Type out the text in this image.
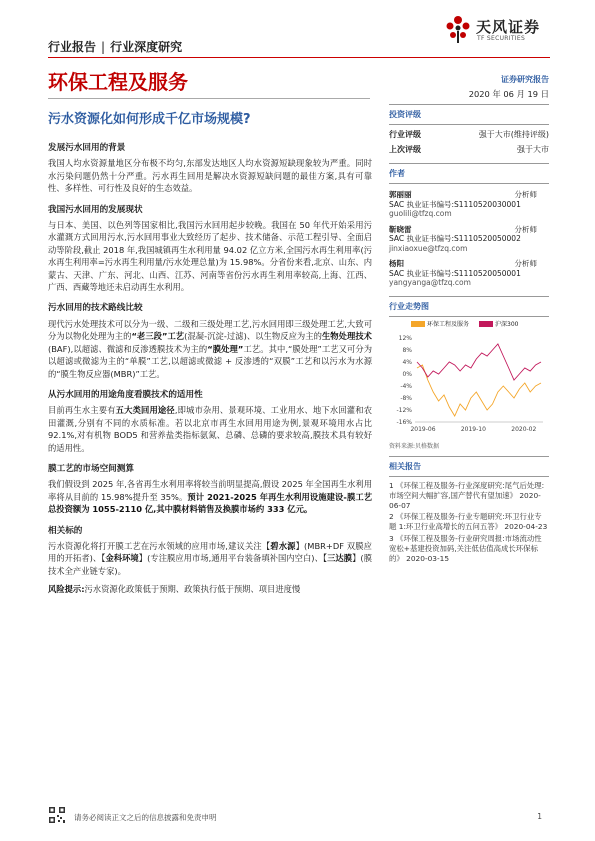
天风证券
TF SECURITIES
行业报告 | 行业深度研究
环保工程及服务
污水资源化如何形成千亿市场规模?
发展污水回用的背景
我国人均水资源量地区分布极不均匀,东部发达地区人均水资源短缺现象较为严重。同时水污染问题仍然十分严重。污水再生回用是解决水资源短缺问题的最佳方案,具有可靠性、多样性、可行性及良好的生态效益。
我国污水回用的发展现状
与日本、美国、以色列等国家相比,我国污水回用起步较晚。我国在 50 年代开始采用污水灌溉方式回用污水,污水回用事业大致经历了起步、技术储备、示范工程引导、全面启动等阶段,截止 2018 年,我国城镇再生水利用量 94.02 亿立方米,全国污水再生利用率(污水再生利用率=污水再生利用量/污水处理总量)为 15.98%。分省份来看,北京、山东、内蒙古、天津、广东、河北、山西、江苏、河南等省份污水再生利用率较高,上海、江西、广西、西藏等地还未启动再生水利用。
污水回用的技术路线比较
现代污水处理技术可以分为一级、二级和三级处理工艺,污水回用即三级处理工艺,大致可分为以物化处理为主的“老三段”工艺(混凝-沉淀-过滤)、以生物反应为主的生物处理技术(BAF),以超滤、微滤和反渗透膜技术为主的“膜处理”工艺。其中,“膜处理”工艺又可分为以超滤或微滤为主的“单膜”工艺,以超滤或微滤 + 反渗透的“双膜”工艺和以污水为水源的“膜生物反应器(MBR)”工艺。
从污水回用的用途角度看膜技术的适用性
目前再生水主要有五大类回用途径,即城市杂用、景观环境、工业用水、地下水回灌和农田灌溉,分别有不同的水质标准。若以北京市再生水回用用途为例,景观环境用水占比 92.1%,对有机物 BOD5 和营养盐类指标氨氮、总磷、总磷的要求较高,膜技术具有较好的适用性。
膜工艺的市场空间测算
我们假设到 2025 年,各省再生水利用率将较当前明显提高,假设 2025 年全国再生水利用率将从目前的 15.98%提升至 35%。预计 2021-2025 年再生水利用设施建设-膜工艺总投资额为 1055-2110 亿,其中膜材料销售及换膜市场约 333 亿元。
相关标的
污水资源化将打开膜工艺在污水领域的应用市场,建议关注【碧水源】(MBR+DF 双膜应用的开拓者)、【金科环境】(专注膜应用市场,通用平台装备填补国内空白)、【三达膜】(膜技术全产业链专家)。
风险提示:污水资源化政策低于预期、政策执行低于预期、项目进度慢
证券研究报告
2020 年 06 月 19 日
投资评级
行业评级	强于大市(维持评级)
上次评级	强于大市
作者
郭丽丽	分析师
SAC 执业证书编号:S1110520030001
guolili@tfzq.com
靳晓雷	分析师
SAC 执业证书编号:S1110520050002
jinxiaoxue@tfzq.com
杨阳	分析师
SAC 执业证书编号:S1110520050001
yangyanga@tfzq.com
行业走势图
环保工程及服务	沪深300
12%
8%
4%
0%
-4%
-8%
-12%
-16%
2019-06	2019-10	2020-02
资料来源:贝格数据
相关报告
1 《环保工程及服务-行业深度研究:尾气后处理:市场空间大幅扩容,国产替代有望加速》 2020-06-07
2 《环保工程及服务-行业专题研究:环卫行业专题 1:环卫行业高增长的五问五答》 2020-04-23
3 《环保工程及服务-行业研究周报:市场流动性宽松+基建投资加码,关注低估值高成长环保标的》 2020-03-15
请务必阅读正文之后的信息披露和免责申明	1
